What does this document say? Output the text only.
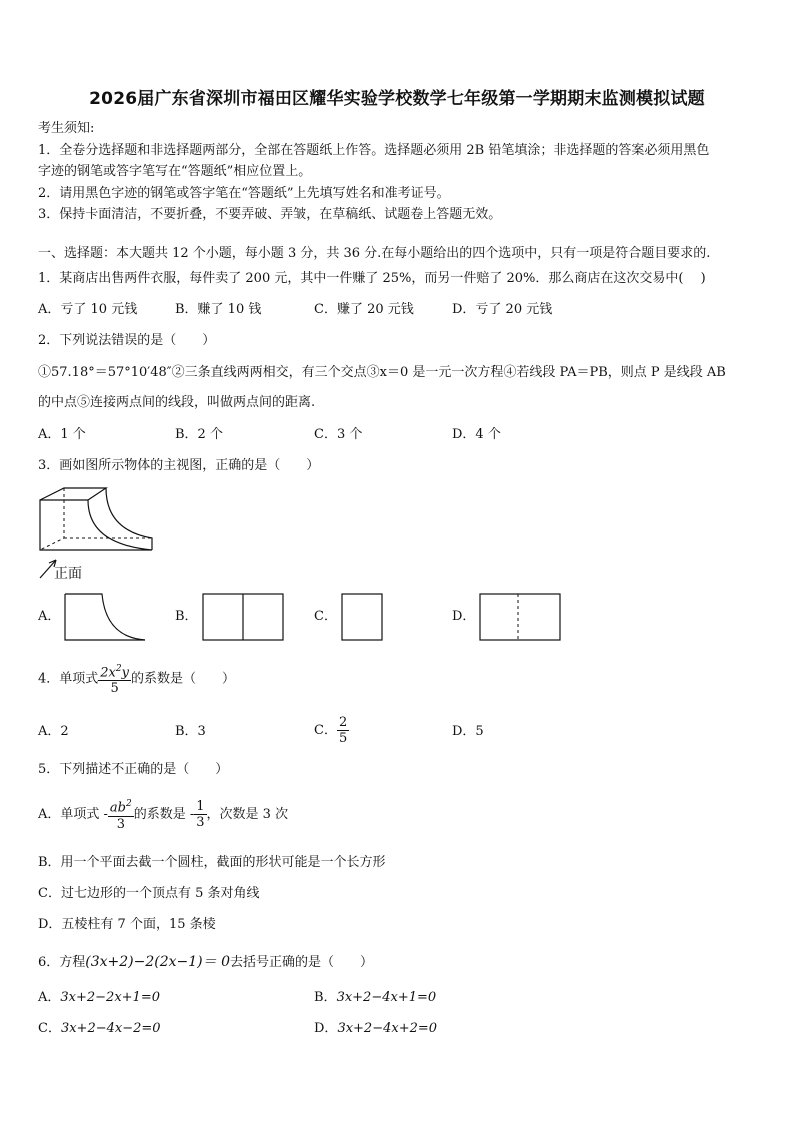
2026届广东省深圳市福田区耀华实验学校数学七年级第一学期期末监测模拟试题
考生须知:
1．全卷分选择题和非选择题两部分，全部在答题纸上作答。选择题必须用 2B 铅笔填涂；非选择题的答案必须用黑色
字迹的钢笔或答字笔写在“答题纸”相应位置上。
2．请用黑色字迹的钢笔或答字笔在“答题纸”上先填写姓名和准考证号。
3．保持卡面清洁，不要折叠，不要弄破、弄皱，在草稿纸、试题卷上答题无效。
一、选择题：本大题共 12 个小题，每小题 3 分，共 36 分.在每小题给出的四个选项中，只有一项是符合题目要求的.
1．某商店出售两件衣服，每件卖了 200 元，其中一件赚了 25%，而另一件赔了 20%．那么商店在这次交易中(　 )
A．亏了 10 元钱	B．赚了 10 钱	C．赚了 20 元钱	D．亏了 20 元钱
2．下列说法错误的是（　　）
①57.18°＝57°10′48″②三条直线两两相交，有三个交点③x＝0 是一元一次方程④若线段 PA＝PB，则点 P 是线段 AB
的中点⑤连接两点间的线段，叫做两点间的距离.
A．1 个	B．2 个	C．3 个	D．4 个
3．画如图所示物体的主视图，正确的是（　　）
正面
A．	B．	C．	D．
4．单项式 $\frac{2x^2y}{5}$ 的系数是（　　）
A．2	B．3	C． $\frac{2}{5}$	D．5
5．下列描述不正确的是（　　）
A．单项式 - $\frac{ab^2}{3}$ 的系数是 - $\frac{1}{3}$ ，次数是 3 次
B．用一个平面去截一个圆柱，截面的形状可能是一个长方形
C．过七边形的一个顶点有 5 条对角线
D．五棱柱有 7 个面，15 条棱
6．方程(3x+2)−2(2x−1)＝ 0去括号正确的是（　　）
A．3x+2−2x+1=0	B．3x+2−4x+1=0
C．3x+2−4x−2=0	D．3x+2−4x+2=0
